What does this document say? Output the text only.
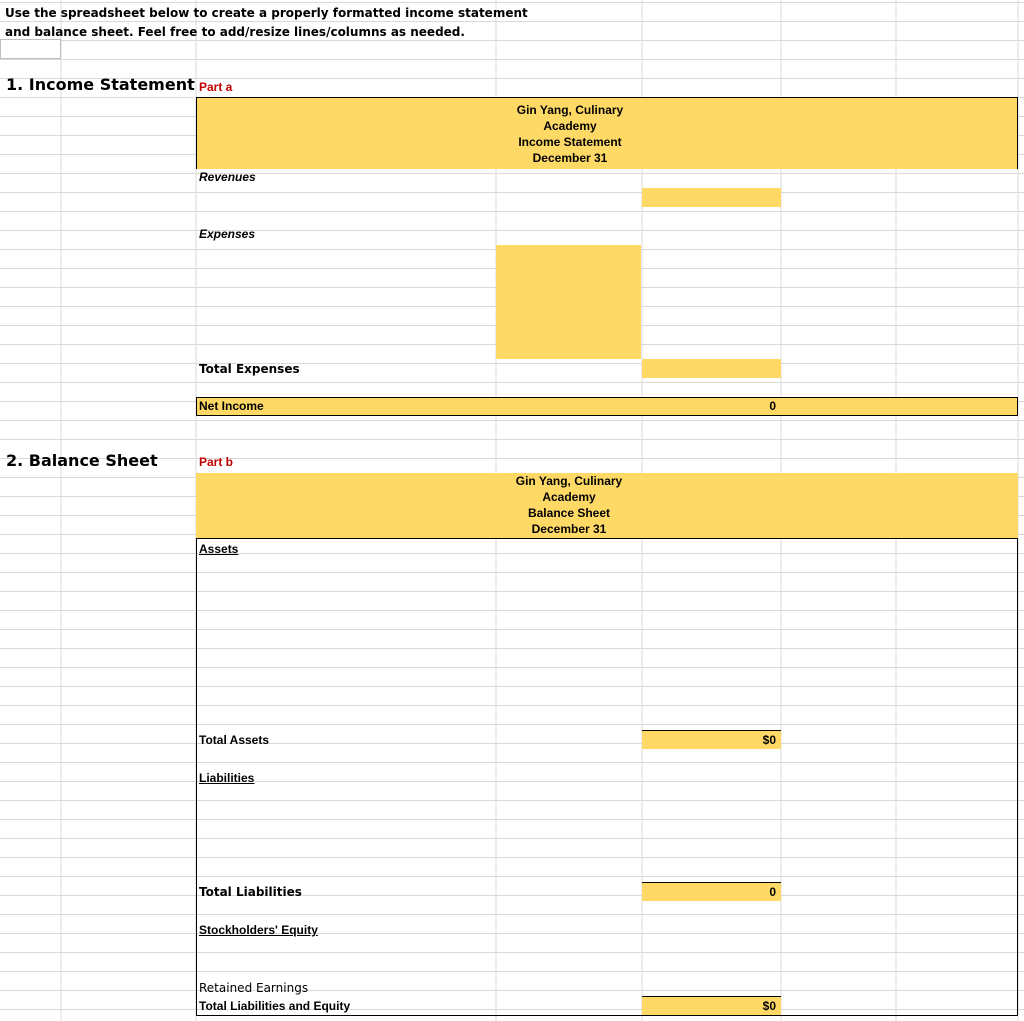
Use the spreadsheet below to create a properly formatted income statement
and balance sheet. Feel free to add/resize lines/columns as needed.
1. Income Statement Part a
Gin Yang, Culinary
Academy
Income Statement
December 31
Revenues
Expenses
Total Expenses
Net Income	0
2. Balance Sheet	Part b
Gin Yang, Culinary
Academy
Balance Sheet
December 31
Assets
Total Assets	$0
Liabilities
Total Liabilities	0
Stockholders' Equity
Retained Earnings
Total Liabilities and Equity	$0
